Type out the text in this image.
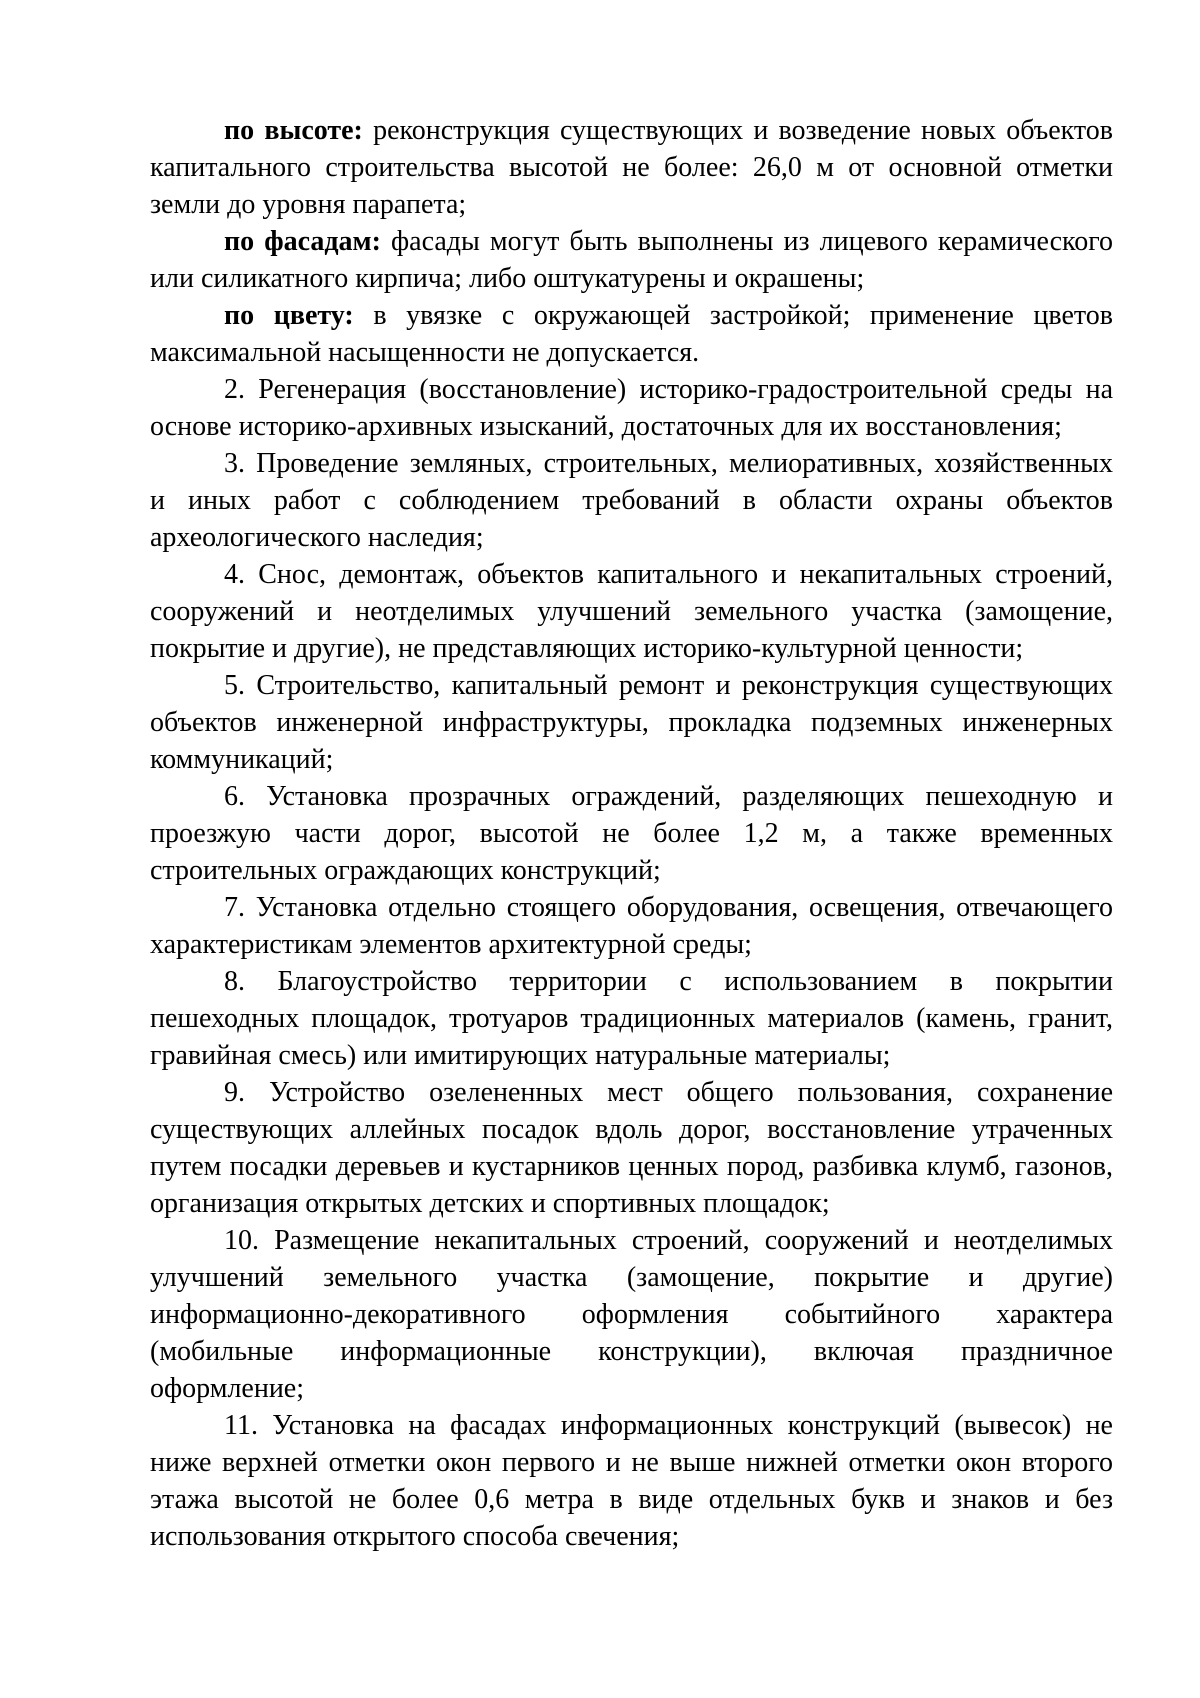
по высоте: реконструкция существующих и возведение новых объектов капитального строительства высотой не более: 26,0 м от основной отметки земли до уровня парапета;

по фасадам: фасады могут быть выполнены из лицевого керамического или силикатного кирпича; либо оштукатурены и окрашены;

по цвету: в увязке с окружающей застройкой; применение цветов максимальной насыщенности не допускается.

2. Регенерация (восстановление) историко-градостроительной среды на основе историко-архивных изысканий, достаточных для их восстановления;

3. Проведение земляных, строительных, мелиоративных, хозяйственных и иных работ с соблюдением требований в области охраны объектов археологического наследия;

4. Снос, демонтаж, объектов капитального и некапитальных строений, сооружений и неотделимых улучшений земельного участка (замощение, покрытие и другие), не представляющих историко-культурной ценности;

5. Строительство, капитальный ремонт и реконструкция существующих объектов инженерной инфраструктуры, прокладка подземных инженерных коммуникаций;

6. Установка прозрачных ограждений, разделяющих пешеходную и проезжую части дорог, высотой не более 1,2 м, а также временных строительных ограждающих конструкций;

7. Установка отдельно стоящего оборудования, освещения, отвечающего характеристикам элементов архитектурной среды;

8. Благоустройство территории с использованием в покрытии пешеходных площадок, тротуаров традиционных материалов (камень, гранит, гравийная смесь) или имитирующих натуральные материалы;

9. Устройство озелененных мест общего пользования, сохранение существующих аллейных посадок вдоль дорог, восстановление утраченных путем посадки деревьев и кустарников ценных пород, разбивка клумб, газонов, организация открытых детских и спортивных площадок;

10. Размещение некапитальных строений, сооружений и неотделимых улучшений земельного участка (замощение, покрытие и другие) информационно-декоративного оформления событийного характера (мобильные информационные конструкции), включая праздничное оформление;

11. Установка на фасадах информационных конструкций (вывесок) не ниже верхней отметки окон первого и не выше нижней отметки окон второго этажа высотой не более 0,6 метра в виде отдельных букв и знаков и без использования открытого способа свечения;
